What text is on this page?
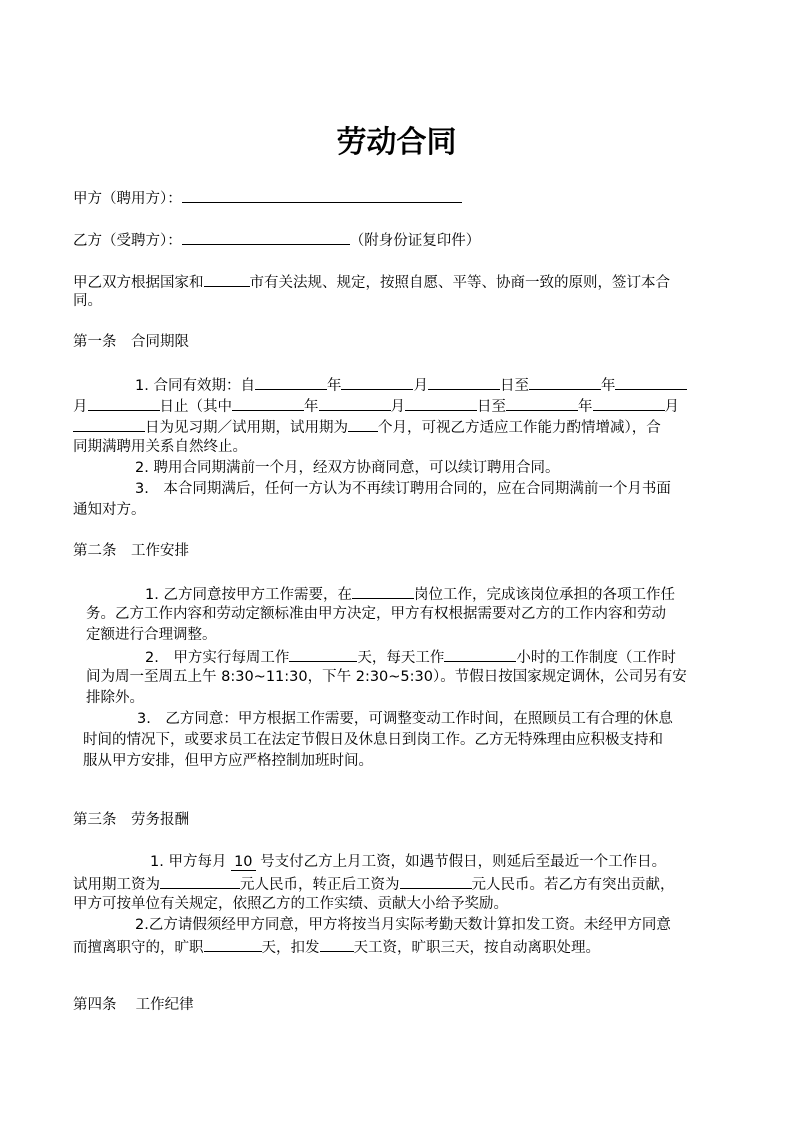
劳动合同
甲方（聘用方）：
乙方（受聘方）：	（附身份证复印件）
甲乙双方根据国家和	市有关法规、规定，按照自愿、平等、协商一致的原则，签订本合
同。
第一条　合同期限
1. 合同有效期：自	年	月	日至	年
月	日止（其中	年	月	日至	年	月
日为见习期／试用期，试用期为 个月，可视乙方适应工作能力酌情增减），合
同期满聘用关系自然终止。
2. 聘用合同期满前一个月，经双方协商同意，可以续订聘用合同。
3.　本合同期满后，任何一方认为不再续订聘用合同的，应在合同期满前一个月书面
通知对方。
第二条　工作安排
1. 乙方同意按甲方工作需要，在	岗位工作，完成该岗位承担的各项工作任
务。乙方工作内容和劳动定额标准由甲方决定，甲方有权根据需要对乙方的工作内容和劳动
定额进行合理调整。
2.　甲方实行每周工作	天，每天工作	小时的工作制度（工作时
间为周一至周五上午 8:30~11:30，下午 2:30~5:30）。节假日按国家规定调休，公司另有安
排除外。
3.　乙方同意：甲方根据工作需要，可调整变动工作时间，在照顾员工有合理的休息
时间的情况下，或要求员工在法定节假日及休息日到岗工作。乙方无特殊理由应积极支持和
服从甲方安排，但甲方应严格控制加班时间。
第三条　劳务报酬
1. 甲方每月 10 号支付乙方上月工资，如遇节假日，则延后至最近一个工作日。
试用期工资为	元人民币，转正后工资为	元人民币。若乙方有突出贡献，
甲方可按单位有关规定，依照乙方的工作实绩、贡献大小给予奖励。
2.乙方请假须经甲方同意，甲方将按当月实际考勤天数计算扣发工资。未经甲方同意
而擅离职守的，旷职	天，扣发 天工资，旷职三天，按自动离职处理。
第四条　 工作纪律
